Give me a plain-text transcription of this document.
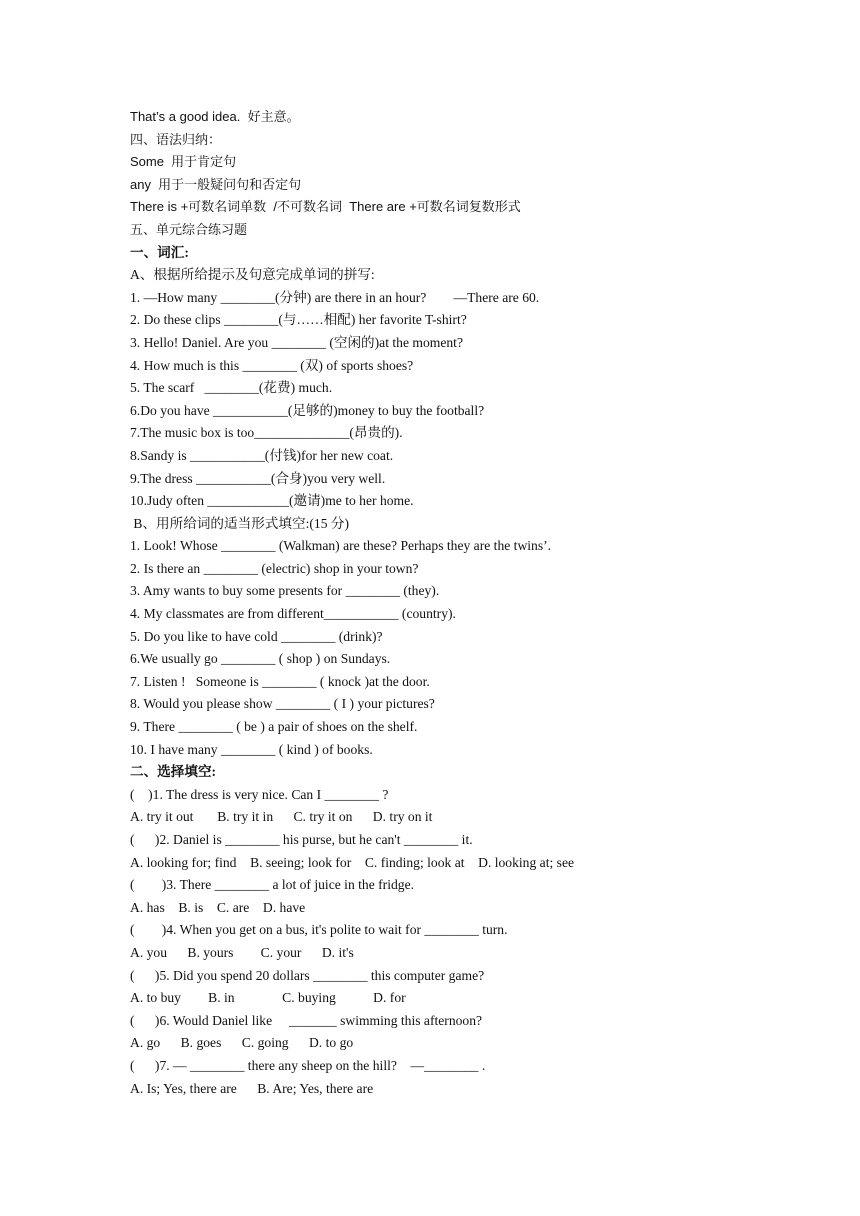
That’s a good idea.  好主意。
四、语法归纳：
Some  用于肯定句
any  用于一般疑问句和否定句
There is +可数名词单数  /不可数名词  There are +可数名词复数形式
五、单元综合练习题
一、词汇:
A、根据所给提示及句意完成单词的拼写:
1. —How many ________(分钟) are there in an hour?        —There are 60.
2. Do these clips ________(与……相配) her favorite T-shirt?
3. Hello! Daniel. Are you ________ (空闲的)at the moment?
4. How much is this ________ (双) of sports shoes?
5. The scarf   ________(花费) much.
6.Do you have ___________(足够的)money to buy the football?
7.The music box is too______________(昂贵的).
8.Sandy is ___________(付钱)for her new coat.
9.The dress ___________(合身)you very well.
10.Judy often ____________(邀请)me to her home.
B、用所给词的适当形式填空:(15 分)
1. Look! Whose ________ (Walkman) are these? Perhaps they are the twins’.
2. Is there an ________ (electric) shop in your town?
3. Amy wants to buy some presents for ________ (they).
4. My classmates are from different___________ (country).
5. Do you like to have cold ________ (drink)?
6.We usually go ________ ( shop ) on Sundays.
7. Listen !   Someone is ________ ( knock )at the door.
8. Would you please show ________ ( I ) your pictures?
9. There ________ ( be ) a pair of shoes on the shelf.
10. I have many ________ ( kind ) of books.
二、选择填空:
(    )1. The dress is very nice. Can I ________ ?
A. try it out       B. try it in      C. try it on      D. try on it
(      )2. Daniel is ________ his purse, but he can't ________ it.
A. looking for; find    B. seeing; look for    C. finding; look at    D. looking at; see
(        )3. There ________ a lot of juice in the fridge.
A. has    B. is    C. are    D. have
(        )4. When you get on a bus, it's polite to wait for ________ turn.
A. you      B. yours        C. your      D. it's
(      )5. Did you spend 20 dollars ________ this computer game?
A. to buy        B. in              C. buying           D. for
(      )6. Would Daniel like     _______ swimming this afternoon?
A. go      B. goes      C. going      D. to go
(      )7. — ________ there any sheep on the hill?    —________ .
A. Is; Yes, there are      B. Are; Yes, there are
